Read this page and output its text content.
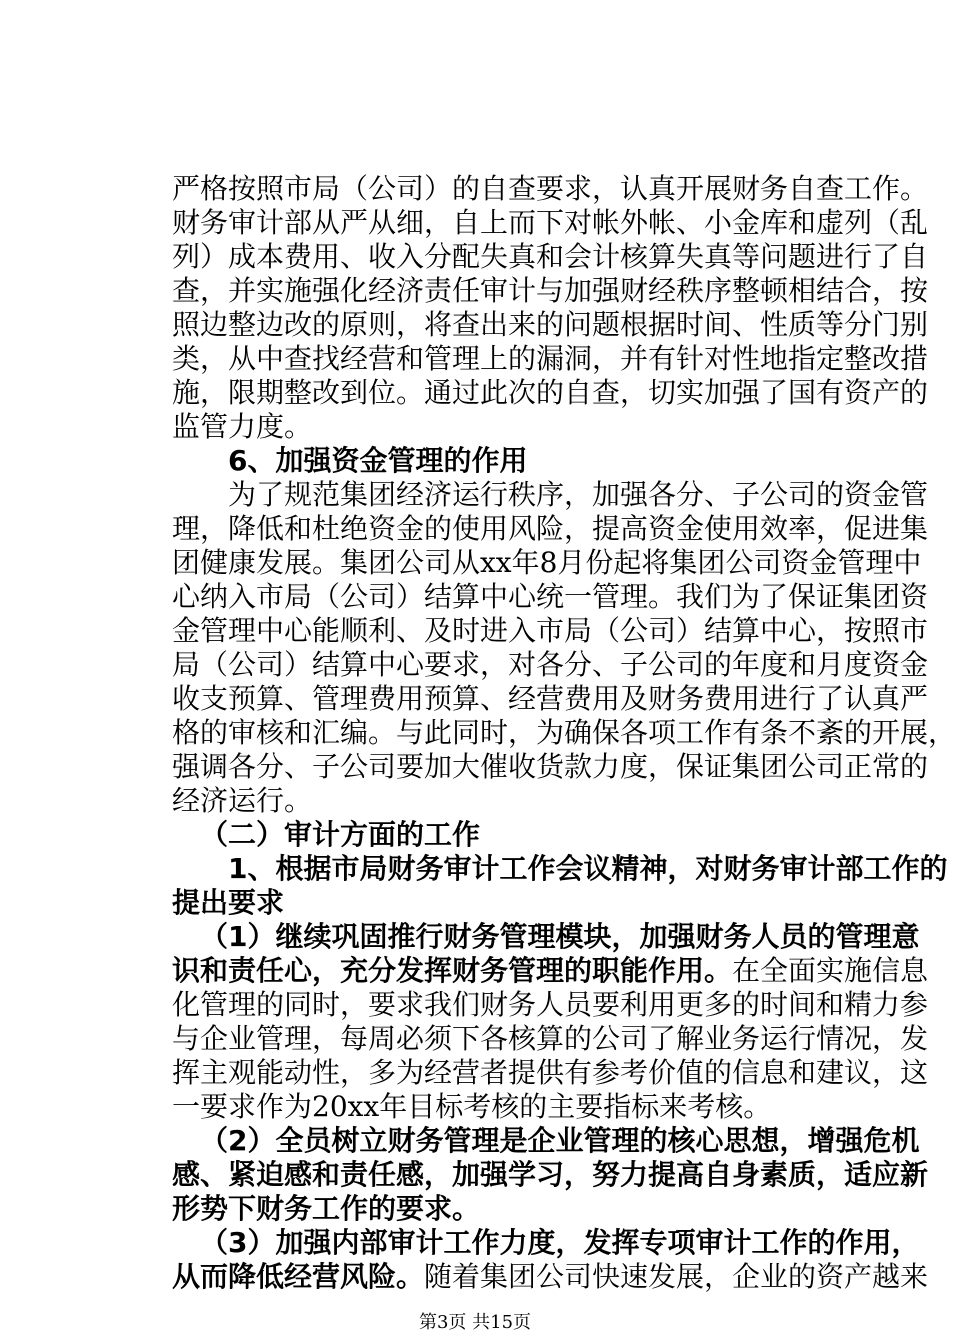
严格按照市局（公司）的自查要求，认真开展财务自查工作。
财务审计部从严从细，自上而下对帐外帐、小金库和虚列（乱
列）成本费用、收入分配失真和会计核算失真等问题进行了自
查，并实施强化经济责任审计与加强财经秩序整顿相结合，按
照边整边改的原则，将查出来的问题根据时间、性质等分门别
类，从中查找经营和管理上的漏洞，并有针对性地指定整改措
施，限期整改到位。通过此次的自查，切实加强了国有资产的
监管力度。
6、加强资金管理的作用
为了规范集团经济运行秩序，加强各分、子公司的资金管
理，降低和杜绝资金的使用风险，提高资金使用效率，促进集
团健康发展。集团公司从xx年8月份起将集团公司资金管理中
心纳入市局（公司）结算中心统一管理。我们为了保证集团资
金管理中心能顺利、及时进入市局（公司）结算中心，按照市
局（公司）结算中心要求，对各分、子公司的年度和月度资金
收支预算、管理费用预算、经营费用及财务费用进行了认真严
格的审核和汇编。与此同时，为确保各项工作有条不紊的开展，
强调各分、子公司要加大催收货款力度，保证集团公司正常的
经济运行。
（二）审计方面的工作
1、根据市局财务审计工作会议精神，对财务审计部工作的
提出要求
（1）继续巩固推行财务管理模块，加强财务人员的管理意
识和责任心，充分发挥财务管理的职能作用。在全面实施信息
化管理的同时，要求我们财务人员要利用更多的时间和精力参
与企业管理，每周必须下各核算的公司了解业务运行情况，发
挥主观能动性，多为经营者提供有参考价值的信息和建议，这
一要求作为20xx年目标考核的主要指标来考核。
（2）全员树立财务管理是企业管理的核心思想，增强危机
感、紧迫感和责任感，加强学习，努力提高自身素质，适应新
形势下财务工作的要求。
（3）加强内部审计工作力度，发挥专项审计工作的作用，
从而降低经营风险。随着集团公司快速发展，企业的资产越来
第3页 共15页
